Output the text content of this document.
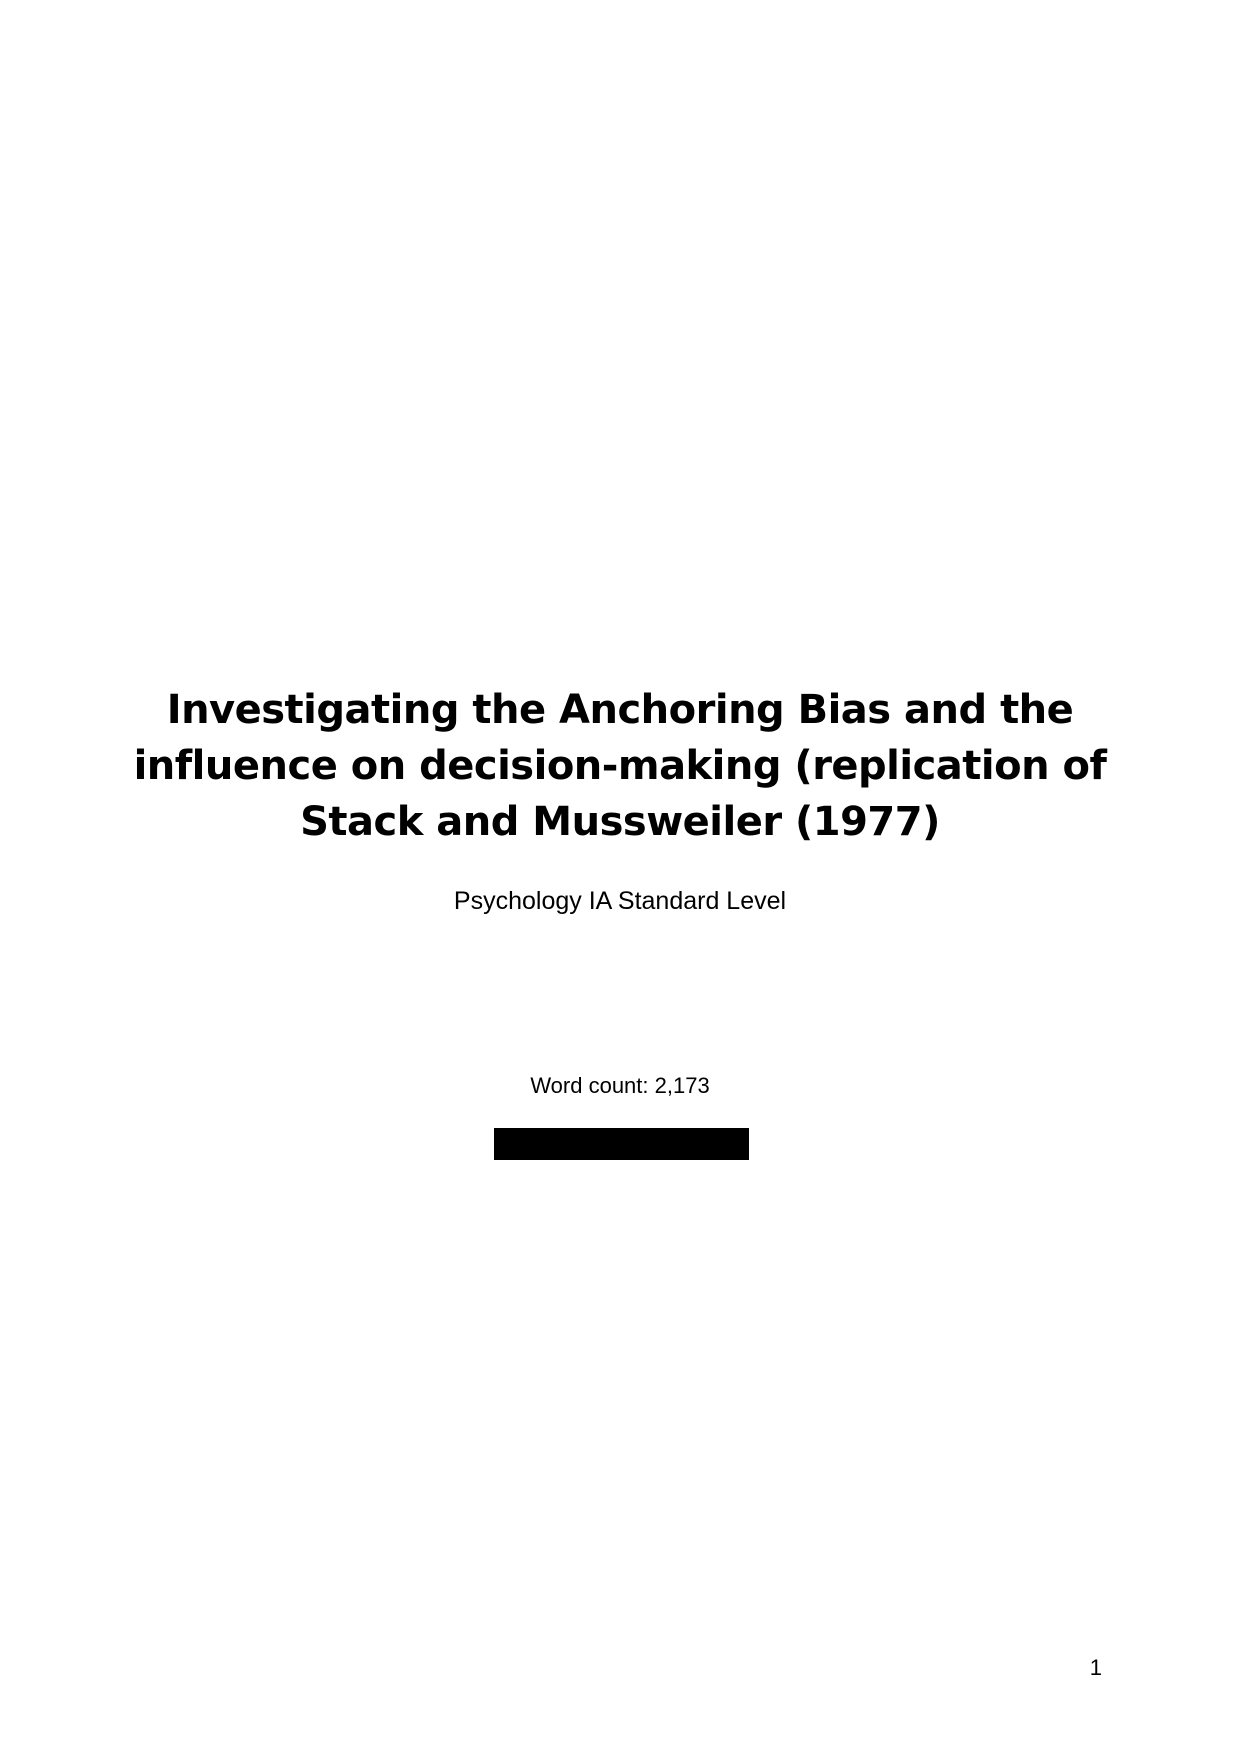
Investigating the Anchoring Bias and the
influence on decision-making (replication of
Stack and Mussweiler (1977)
Psychology IA Standard Level
Word count: 2,173
1
